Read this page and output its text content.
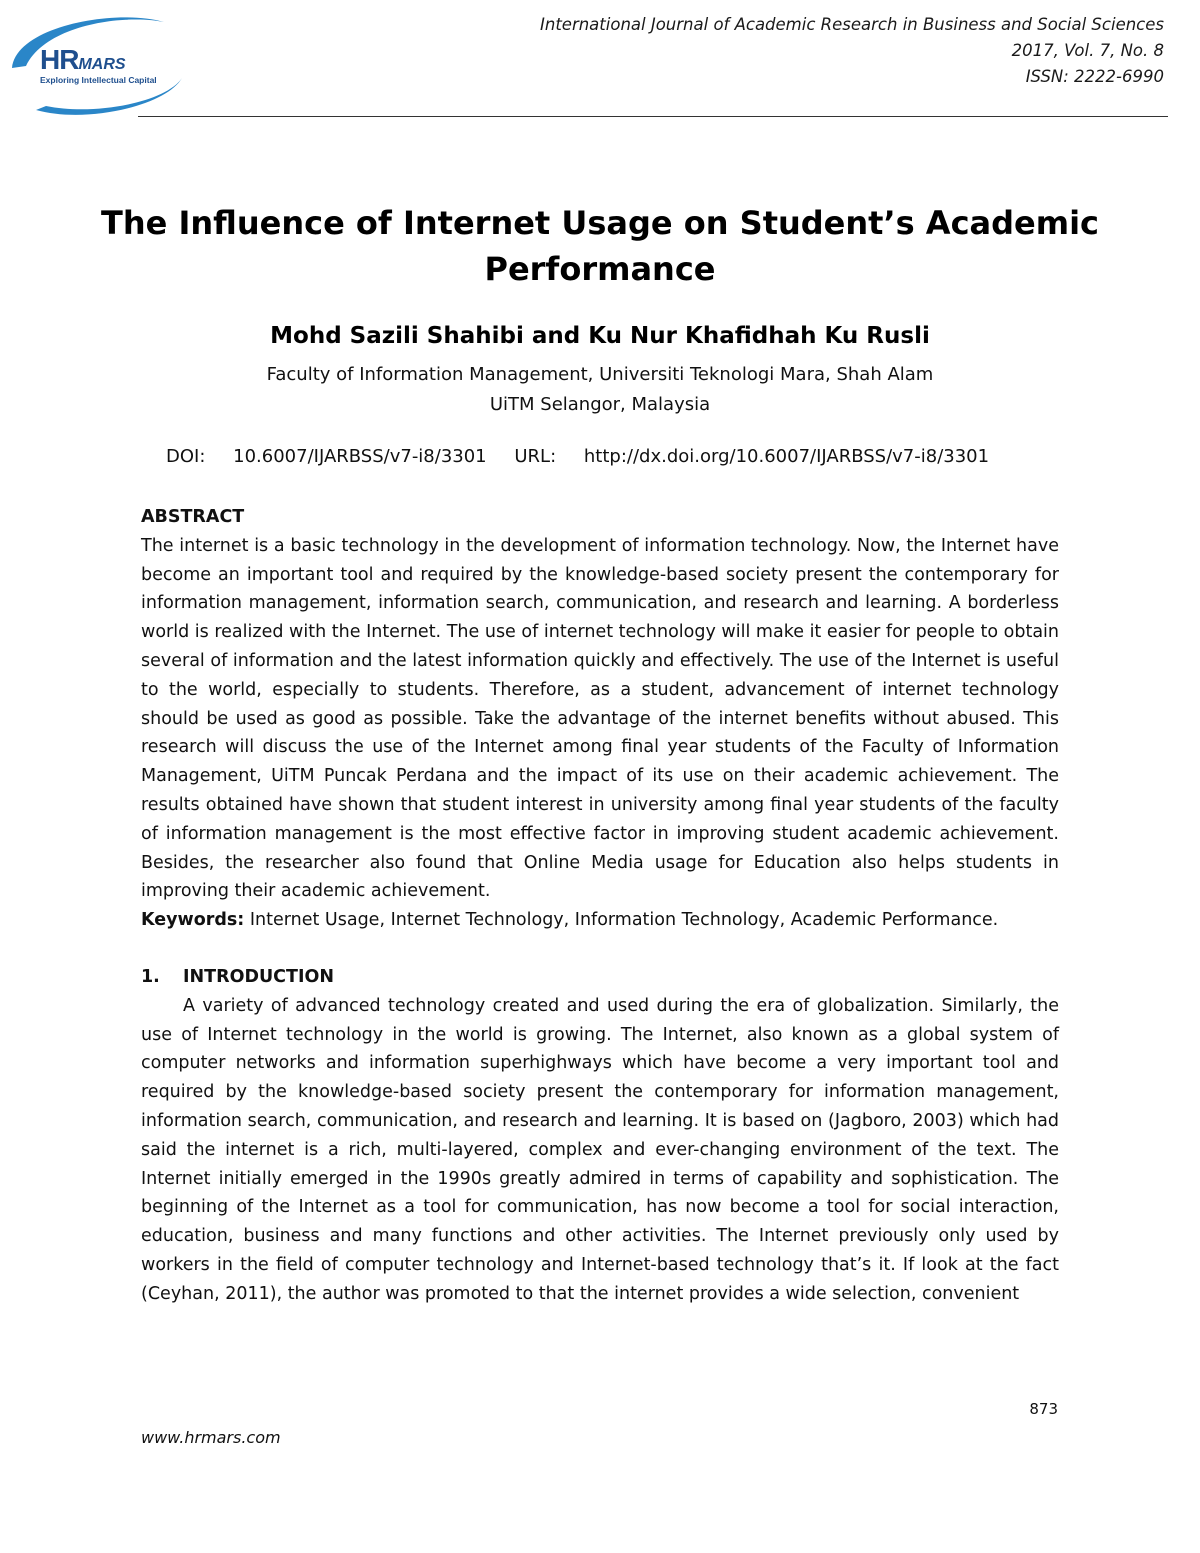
HRMARS
Exploring Intellectual Capital
International Journal of Academic Research in Business and Social Sciences
2017, Vol. 7, No. 8
ISSN: 2222-6990
The Influence of Internet Usage on Student’s Academic
Performance
Mohd Sazili Shahibi and Ku Nur Khafidhah Ku Rusli
Faculty of Information Management, Universiti Teknologi Mara, Shah Alam
UiTM Selangor, Malaysia
DOI: 10.6007/IJARBSS/v7-i8/3301 URL: http://dx.doi.org/10.6007/IJARBSS/v7-i8/3301
ABSTRACT

The internet is a basic technology in the development of information technology. Now, the Internet have become an important tool and required by the knowledge-based society present the contemporary for information management, information search, communication, and research and learning. A borderless world is realized with the Internet. The use of internet technology will make it easier for people to obtain several of information and the latest information quickly and effectively. The use of the Internet is useful to the world, especially to students. Therefore, as a student, advancement of internet technology should be used as good as possible. Take the advantage of the internet benefits without abused. This research will discuss the use of the Internet among final year students of the Faculty of Information Management, UiTM Puncak Perdana and the impact of its use on their academic achievement. The results obtained have shown that student interest in university among final year students of the faculty of information management is the most effective factor in improving student academic achievement. Besides, the researcher also found that Online Media usage for Education also helps students in improving their academic achievement.

Keywords: Internet Usage, Internet Technology, Information Technology, Academic Performance.

1. INTRODUCTION

A variety of advanced technology created and used during the era of globalization. Similarly, the use of Internet technology in the world is growing. The Internet, also known as a global system of computer networks and information superhighways which have become a very important tool and required by the knowledge-based society present the contemporary for information management, information search, communication, and research and learning. It is based on (Jagboro, 2003) which had said the internet is a rich, multi-layered, complex and ever-changing environment of the text. The Internet initially emerged in the 1990s greatly admired in terms of capability and sophistication. The beginning of the Internet as a tool for communication, has now become a tool for social interaction, education, business and many functions and other activities. The Internet previously only used by workers in the field of computer technology and Internet-based technology that’s it. If look at the fact (Ceyhan, 2011), the author was promoted to that the internet provides a wide selection, convenient

873
www.hrmars.com
